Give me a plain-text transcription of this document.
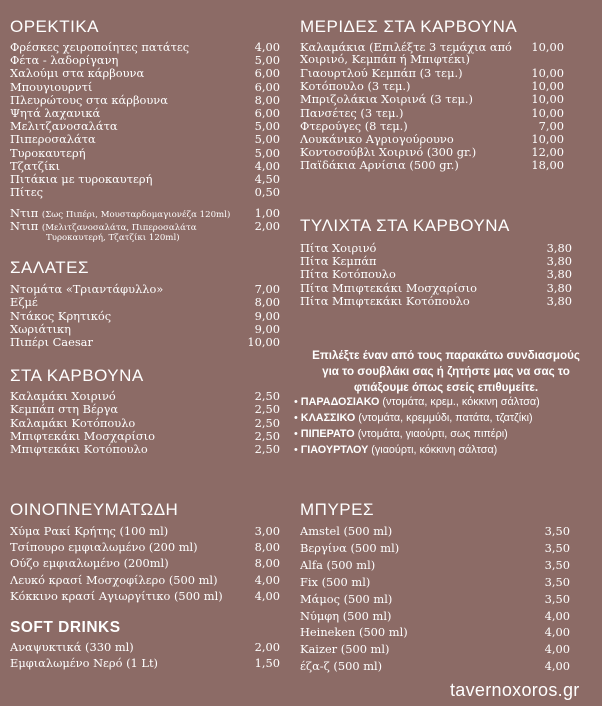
ΟΡΕΚΤΙΚΑ
Φρέσκες χειροποίητες πατάτες	4,00
Φέτα - λαδορίγανη	5,00
Χαλούμι στα κάρβουνα	6,00
Μπουγιουρντί	6,00
Πλευρώτους στα κάρβουνα	8,00
Ψητά λαχανικά	6,00
Μελιτζανοσαλάτα	5,00
Πιπεροσαλάτα	5,00
Τυροκαυτερή	5,00
Τζατζίκι	4,00
Πιτάκια με τυροκαυτερή	4,50
Πίτες	0,50
Ντιπ (Σως Πιπέρι, Μουσταρδομαγιονέζα 120ml) 1,00
Ντιπ (Μελιτζανοσαλάτα, Πιπεροσαλάτα	2,00
Τυροκαυτερή, Τζατζίκι 120ml)
ΣΑΛΑΤΕΣ
Ντομάτα «Τριαντάφυλλο»	7,00
Εζμέ	8,00
Ντάκος Κρητικός	9,00
Χωριάτικη	9,00
Πιπέρι Caesar	10,00
ΣΤΑ ΚΑΡΒΟΥΝΑ
Καλαμάκι Χοιρινό	2,50
Κεμπάπ στη Βέργα	2,50
Καλαμάκι Κοτόπουλο	2,50
Μπιφτεκάκι Μοσχαρίσιο	2,50
Μπιφτεκάκι Κοτόπουλο	2,50
ΟΙΝΟΠΝΕΥΜΑΤΩΔΗ
Χύμα Ρακί Κρήτης (100 ml)	3,00
Τσίπουρο εμφιαλωμένο (200 ml)	8,00
Ούζο εμφιαλωμένο (200ml)	8,00
Λευκό κρασί Μοσχοφίλερο (500 ml)	4,00
Κόκκινο κρασί Αγιωργίτικο (500 ml)	4,00
SOFT DRINKS
Αναψυκτικά (330 ml)	2,00
Εμφιαλωμένο Νερό (1 Lt)	1,50
ΜΕΡΙΔΕΣ ΣΤΑ ΚΑΡΒΟΥΝΑ
Καλαμάκια (Επιλέξτε 3 τεμάχια από 10,00
Χοιρινό, Κεμπάπ ή Μπιφτέκι)
Γιαουρτλού Κεμπάπ (3 τεμ.)	10,00
Κοτόπουλο (3 τεμ.)	10,00
Μπριζολάκια Χοιρινά (3 τεμ.)	10,00
Πανσέτες (3 τεμ.)	10,00
Φτερούγες (8 τεμ.)	7,00
Λουκάνικο Αγριογούρουνο	10,00
Κοντοσούβλι Χοιρινό (300 gr.)	12,00
Παϊδάκια Αρνίσια (500 gr.)	18,00
ΤΥΛΙΧΤΑ ΣΤΑ ΚΑΡΒΟΥΝΑ
Πίτα Χοιρινό	3,80
Πίτα Κεμπάπ	3,80
Πίτα Κοτόπουλο	3,80
Πίτα Μπιφτεκάκι Μοσχαρίσιο	3,80
Πίτα Μπιφτεκάκι Κοτόπουλο	3,80
Επιλέξτε έναν από τους παρακάτω συνδιασμούς
για το σουβλάκι σας ή ζητήστε μας να σας το
φτιάξουμε όπως εσείς επιθυμείτε.
• ΠΑΡΑΔΟΣΙΑΚΟ (ντομάτα, κρεμ., κόκκινη σάλτσα)
• ΚΛΑΣΣΙΚΟ (ντομάτα, κρεμμύδι, πατάτα, τζατζίκι)
• ΠΙΠΕΡΑΤΟ (ντομάτα, γιαούρτι, σως πιπέρι)
• ΓΙΑΟΥΡΤΛΟΥ (γιαούρτι, κόκκινη σάλτσα)
ΜΠΥΡΕΣ
Amstel (500 ml)	3,50
Βεργίνα (500 ml)	3,50
Alfa (500 ml)	3,50
Fix (500 ml)	3,50
Μάμος (500 ml)	3,50
Νύμφη (500 ml)	4,00
Heineken (500 ml)	4,00
Kaizer (500 ml)	4,00
έζα-ζ (500 ml)	4,00
tavernoxoros.gr
